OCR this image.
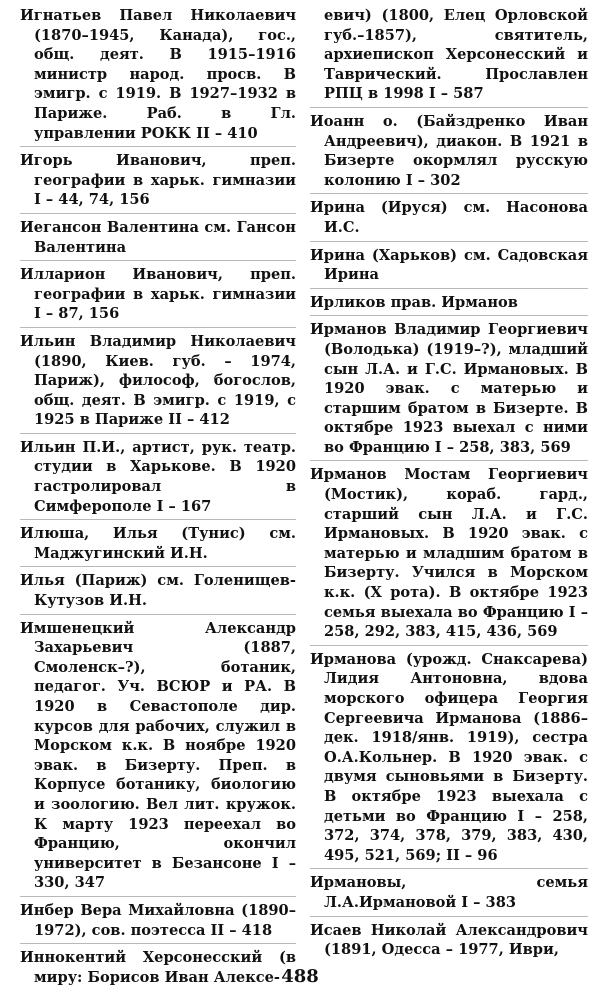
Игнатьев Павел Николаевич (1870–1945, Канада), гос., общ. деят. В 1915–1916 министр народ. просв. В эмигр. с 1919. В 1927–1932 в Париже. Раб. в Гл. управлении РОКК II – 410

Игорь Иванович, преп. географии в харьк. гимназии I – 44, 74, 156

Иегансон Валентина см. Гансон Валентина

Илларион Иванович, преп. географии в харьк. гимназии I – 87, 156

Ильин Владимир Николаевич (1890, Киев. губ. – 1974, Париж), философ, богослов, общ. деят. В эмигр. с 1919, с 1925 в Париже II – 412

Ильин П.И., артист, рук. театр. студии в Харькове. В 1920 гастролировал в Симферополе I – 167

Илюша, Илья (Тунис) см. Маджугинский И.Н.

Илья (Париж) см. Голенищев-Кутузов И.Н.

Имшенецкий Александр Захарьевич (1887, Смоленск–?), ботаник, педагог. Уч. ВСЮР и РА. В 1920 в Севастополе дир. курсов для рабочих, служил в Морском к.к. В ноябре 1920 эвак. в Бизерту. Преп. в Корпусе ботанику, биологию и зоологию. Вел лит. кружок. К марту 1923 переехал во Францию, окончил университет в Безансоне I – 330, 347

Инбер Вера Михайловна (1890–1972), сов. поэтесса II – 418

Иннокентий Херсонесский (в миру: Борисов Иван Алексе-

евич) (1800, Елец Орловской губ.–1857), святитель, архиепископ Херсонесский и Таврический. Прославлен РПЦ в 1998 I – 587

Иоанн о. (Байздренко Иван Андреевич), диакон. В 1921 в Бизерте окормлял русскую колонию I – 302

Ирина (Ируся) см. Насонова И.С.

Ирина (Харьков) см. Садовская Ирина

Ирликов прав. Ирманов

Ирманов Владимир Георгиевич (Володька) (1919–?), младший сын Л.А. и Г.С. Ирмановых. В 1920 эвак. с матерью и старшим братом в Бизерте. В октябре 1923 выехал с ними во Францию I – 258, 383, 569

Ирманов Мостам Георгиевич (Мостик), кораб. гард., старший сын Л.А. и Г.С. Ирмановых. В 1920 эвак. с матерью и младшим братом в Бизерту. Учился в Морском к.к. (X рота). В октябре 1923 семья выехала во Францию I – 258, 292, 383, 415, 436, 569

Ирманова (урожд. Снаксарева) Лидия Антоновна, вдова морского офицера Георгия Сергеевича Ирманова (1886–дек. 1918/янв. 1919), сестра О.А.Кольнер. В 1920 эвак. с двумя сыновьями в Бизерту. В октябре 1923 выехала с детьми во Францию I – 258, 372, 374, 378, 379, 383, 430, 495, 521, 569; II – 96

Ирмановы, семья Л.А.Ирмановой I – 383

Исаев Николай Александрович (1891, Одесса – 1977, Иври,

488
